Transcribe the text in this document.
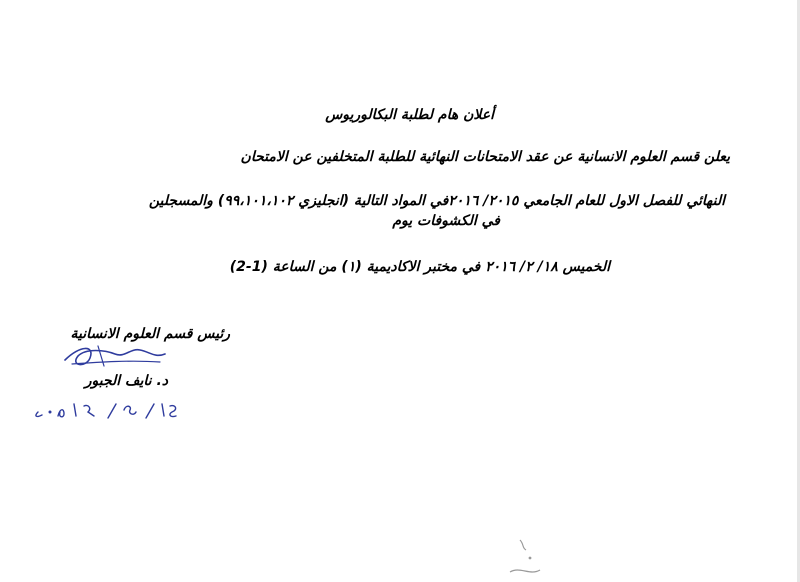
أعلان هام لطلبة البكالوريوس
يعلن قسم العلوم الانسانية عن عقد الامتحانات النهائية للطلبة المتخلفين عن الامتحان
النهائي للفصل الاول للعام الجامعي ٢٠١٥/ ٢٠١٦في المواد التالية (انجليزي ٩٩،١٠١،١٠٢) والمسجلين
في الكشوفات يوم
الخميس ١٨/ ٢/ ٢٠١٦ في مختبر الاكاديمية (١) من الساعة (1-2)
رئيس قسم العلوم الانسانية
د. نايف الجبور
